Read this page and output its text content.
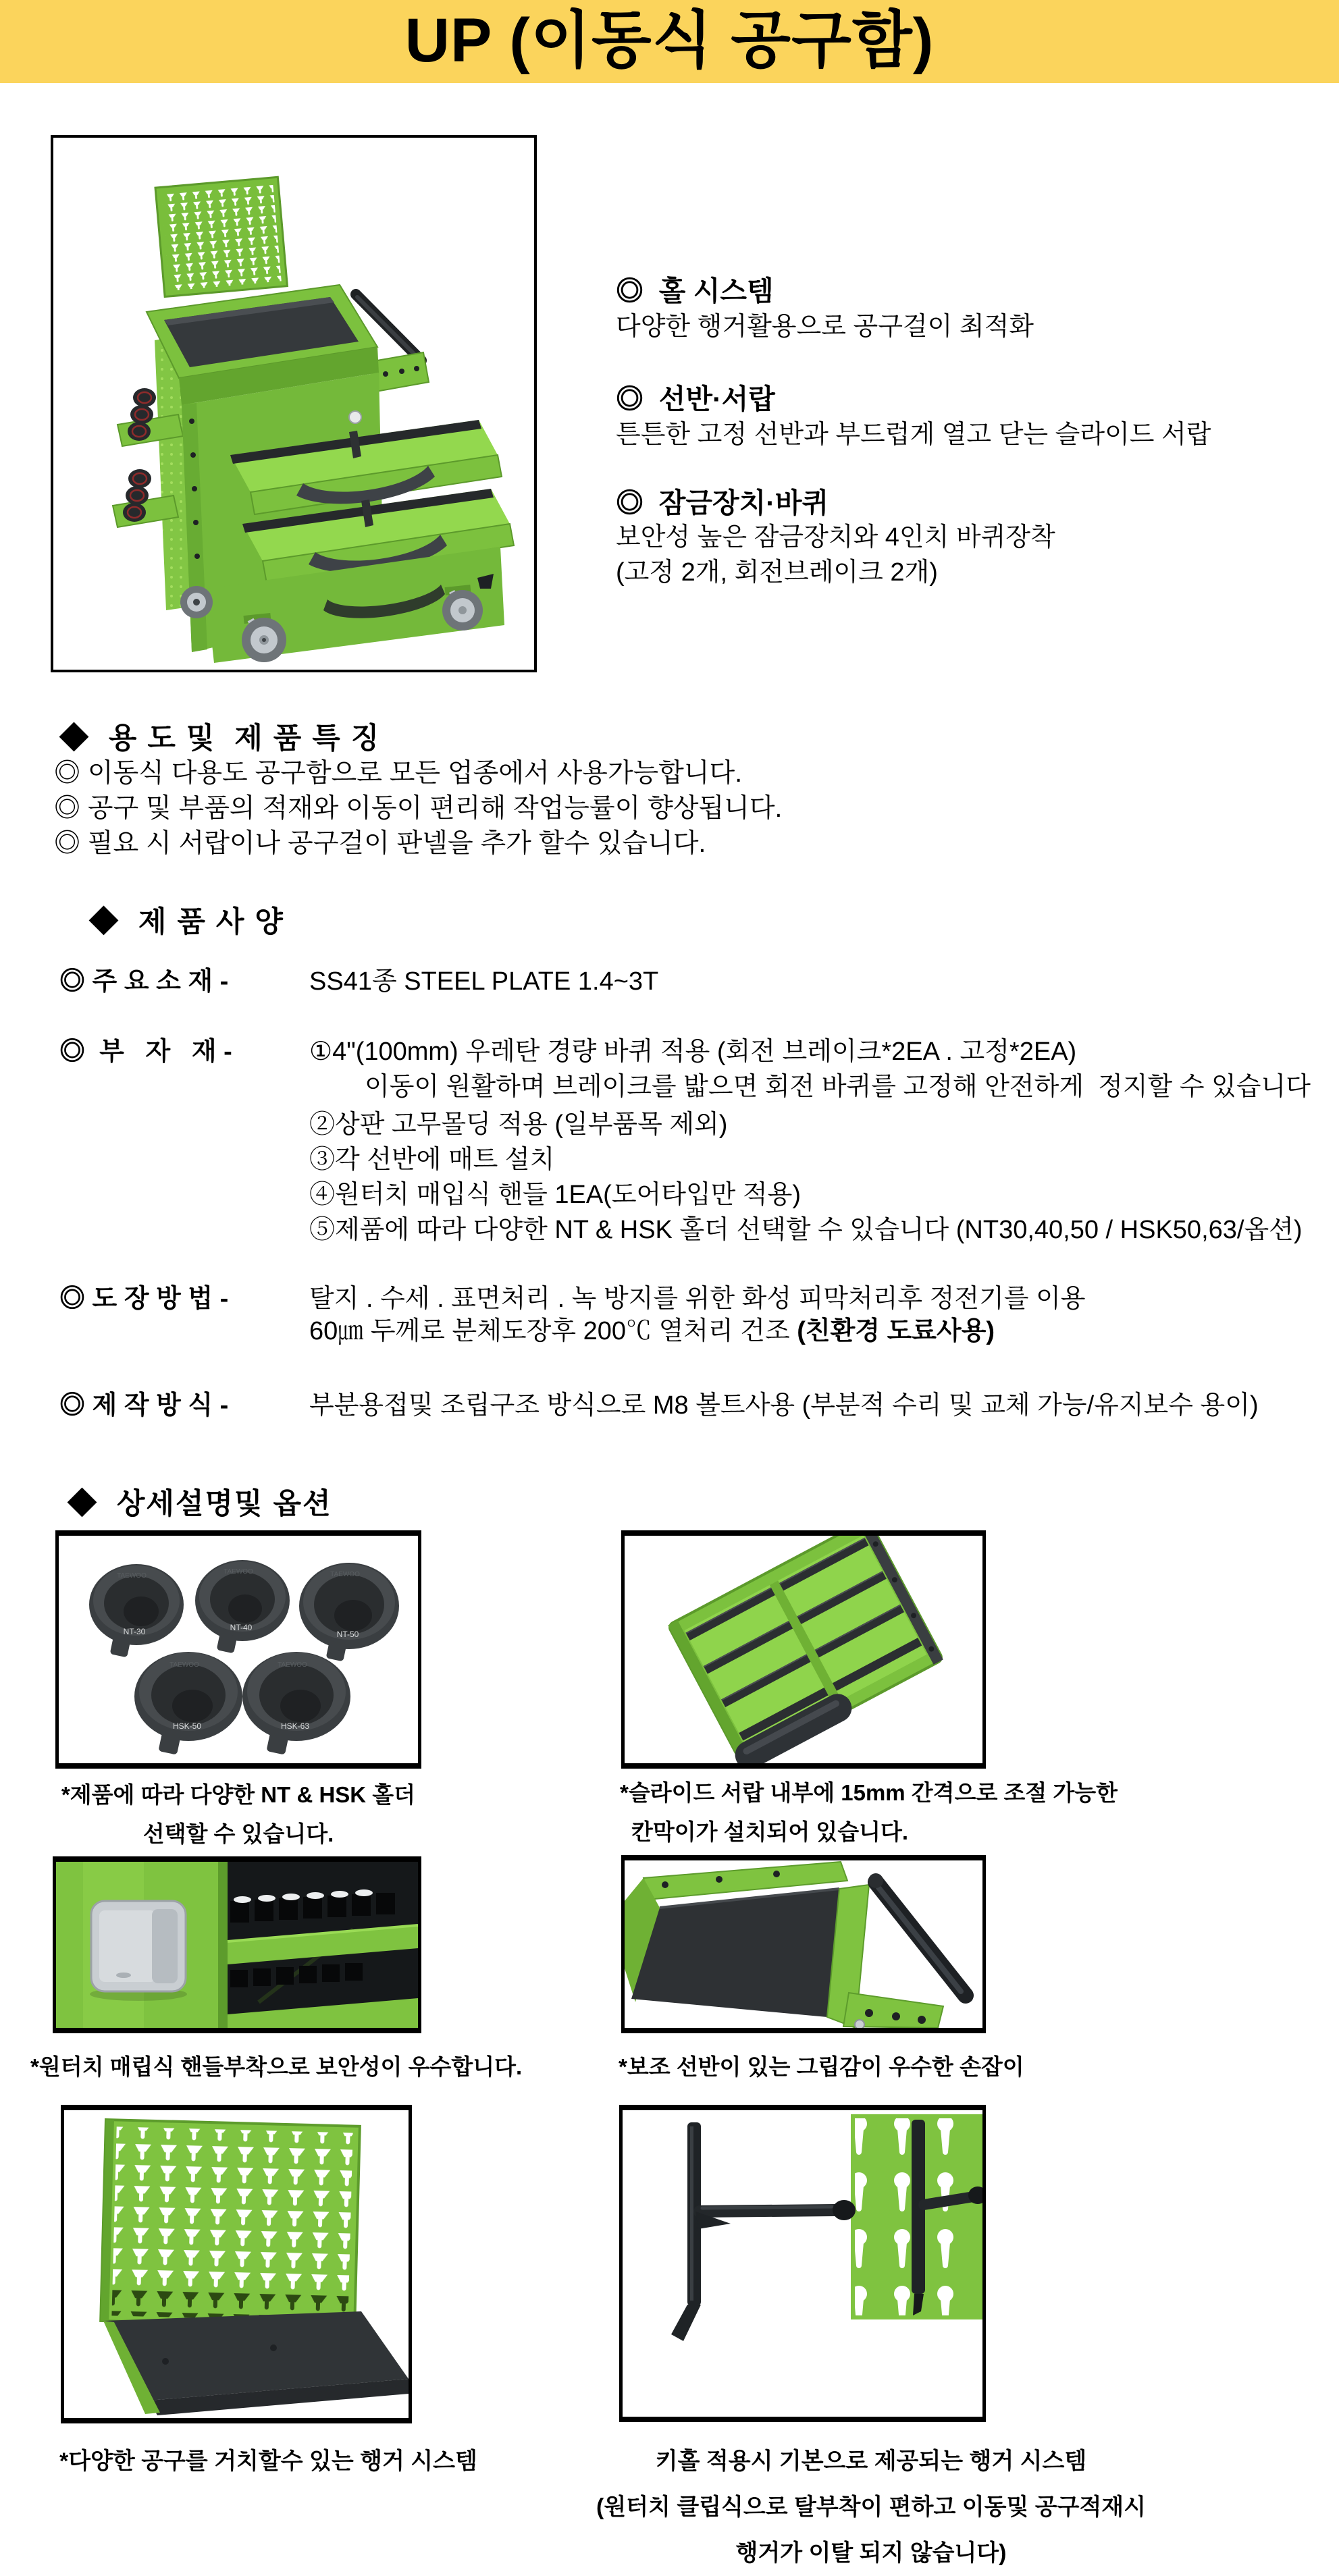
UP (이동식 공구함)
◎  홀 시스템
다양한 행거활용으로 공구걸이 최적화
◎  선반·서랍
튼튼한 고정 선반과 부드럽게 열고 닫는 슬라이드 서랍
◎  잠금장치·바퀴
보안성 높은 잠금장치와 4인치 바퀴장착
(고정 2개, 회전브레이크 2개)
◆  용 도 및  제 품 특 징
◎ 이동식 다용도 공구함으로 모든 업종에서 사용가능합니다.
◎ 공구 및 부품의 적재와 이동이 편리해 작업능률이 향상됩니다.
◎ 필요 시 서랍이나 공구걸이 판넬을 추가 할수 있습니다.
◆  제 품 사 양
◎ 주 요 소 재 -	SS41종 STEEL PLATE 1.4~3T
◎  부   자   재 -	①4"(100mm) 우레탄 경량 바퀴 적용 (회전 브레이크*2EA . 고정*2EA)
이동이 원활하며 브레이크를 밟으면 회전 바퀴를 고정해 안전하게  정지할 수 있습니다
②상판 고무몰딩 적용 (일부품목 제외)
③각 선반에 매트 설치
④원터치 매입식 핸들 1EA(도어타입만 적용)
⑤제품에 따라 다양한 NT & HSK 홀더 선택할 수 있습니다 (NT30,40,50 / HSK50,63/옵션)
◎ 도 장 방 법 -	탈지 . 수세 . 표면처리 . 녹 방지를 위한 화성 피막처리후 정전기를 이용
60㎛ 두께로 분체도장후 200℃ 열처리 건조 (친환경 도료사용)
◎ 제 작 방 식 -	부분용접및 조립구조 방식으로 M8 볼트사용 (부분적 수리 및 교체 가능/유지보수 용이)
◆  상세설명및 옵션
TAEWOO
NT-30
TAEWOO
NT-40
TAEWOO
NT-50
TAEWOO
HSK-50
TAEWOO
HSK-63
*제품에 따라 다양한 NT & HSK 홀더
선택할 수 있습니다.
*슬라이드 서랍 내부에 15mm 간격으로 조절 가능한
칸막이가 설치되어 있습니다.
*원터치 매립식 핸들부착으로 보안성이 우수합니다.	*보조 선반이 있는 그립감이 우수한 손잡이
*다양한 공구를 거치할수 있는 행거 시스템	키홀 적용시 기본으로 제공되는 행거 시스템
(원터치 클립식으로 탈부착이 편하고 이동및 공구적재시
행거가 이탈 되지 않습니다)
